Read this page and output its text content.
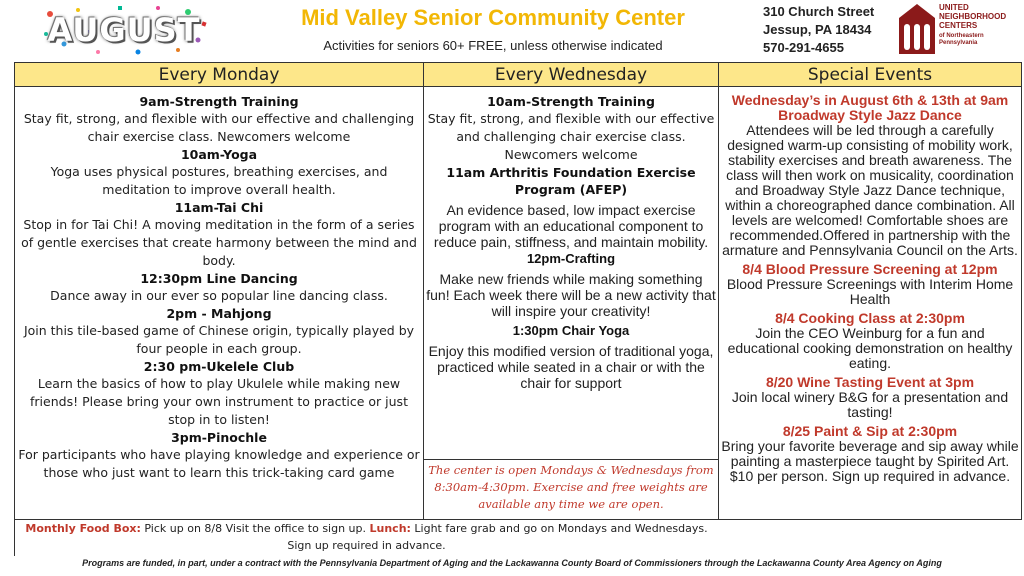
AUGUST	Mid Valley Senior Community Center
Activities for seniors 60+ FREE, unless otherwise indicated
310 Church Street
Jessup, PA 18434
570-291-4655
UNITED
NEIGHBORHOOD
CENTERS
of Northeastern
Pennsylvania
Every Monday
9am-Strength Training
Stay fit, strong, and flexible with our effective and challenging chair exercise class. Newcomers welcome
10am-Yoga
Yoga uses physical postures, breathing exercises, and meditation to improve overall health.
11am-Tai Chi
Stop in for Tai Chi! A moving meditation in the form of a series of gentle exercises that create harmony between the mind and body.
12:30pm Line Dancing
Dance away in our ever so popular line dancing class.
2pm - Mahjong
Join this tile-based game of Chinese origin, typically played by four people in each group.
2:30 pm-Ukelele Club
Learn the basics of how to play Ukulele while making new friends! Please bring your own instrument to practice or just stop in to listen!
3pm-Pinochle
For participants who have playing knowledge and experience or those who just want to learn this trick-taking card game
Every Wednesday
10am-Strength Training
Stay fit, strong, and flexible with our effective and challenging chair exercise class. Newcomers welcome
11am Arthritis Foundation Exercise Program (AFEP)
An evidence based, low impact exercise program with an educational component to reduce pain, stiffness, and maintain mobility.
12pm-Crafting
Make new friends while making something fun! Each week there will be a new activity that will inspire your creativity!
1:30pm Chair Yoga
Enjoy this modified version of traditional yoga, practiced while seated in a chair or with the chair for support
The center is open Mondays & Wednesdays from 8:30am-4:30pm. Exercise and free weights are available any time we are open.
Special Events
Wednesday’s in August 6th & 13th at 9am Broadway Style Jazz Dance
Attendees will be led through a carefully designed warm-up consisting of mobility work, stability exercises and breath awareness. The class will then work on musicality, coordination and Broadway Style Jazz Dance technique, within a choreographed dance combination. All levels are welcomed! Comfortable shoes are recommended.Offered in partnership with the armature and Pennsylvania Council on the Arts.
8/4 Blood Pressure Screening at 12pm
Blood Pressure Screenings with Interim Home Health
8/4 Cooking Class at 2:30pm
Join the CEO Weinburg for a fun and educational cooking demonstration on healthy eating.
8/20 Wine Tasting Event at 3pm
Join local winery B&G for a presentation and tasting!
8/25 Paint & Sip at 2:30pm
Bring your favorite beverage and sip away while painting a masterpiece taught by Spirited Art. $10 per person. Sign up required in advance.
Monthly Food Box: Pick up on 8/8 Visit the office to sign up. Lunch: Light fare grab and go on Mondays and Wednesdays. Sign up required in advance.
Programs are funded, in part, under a contract with the Pennsylvania Department of Aging and the Lackawanna County Board of Commissioners through the Lackawanna County Area Agency on Aging
